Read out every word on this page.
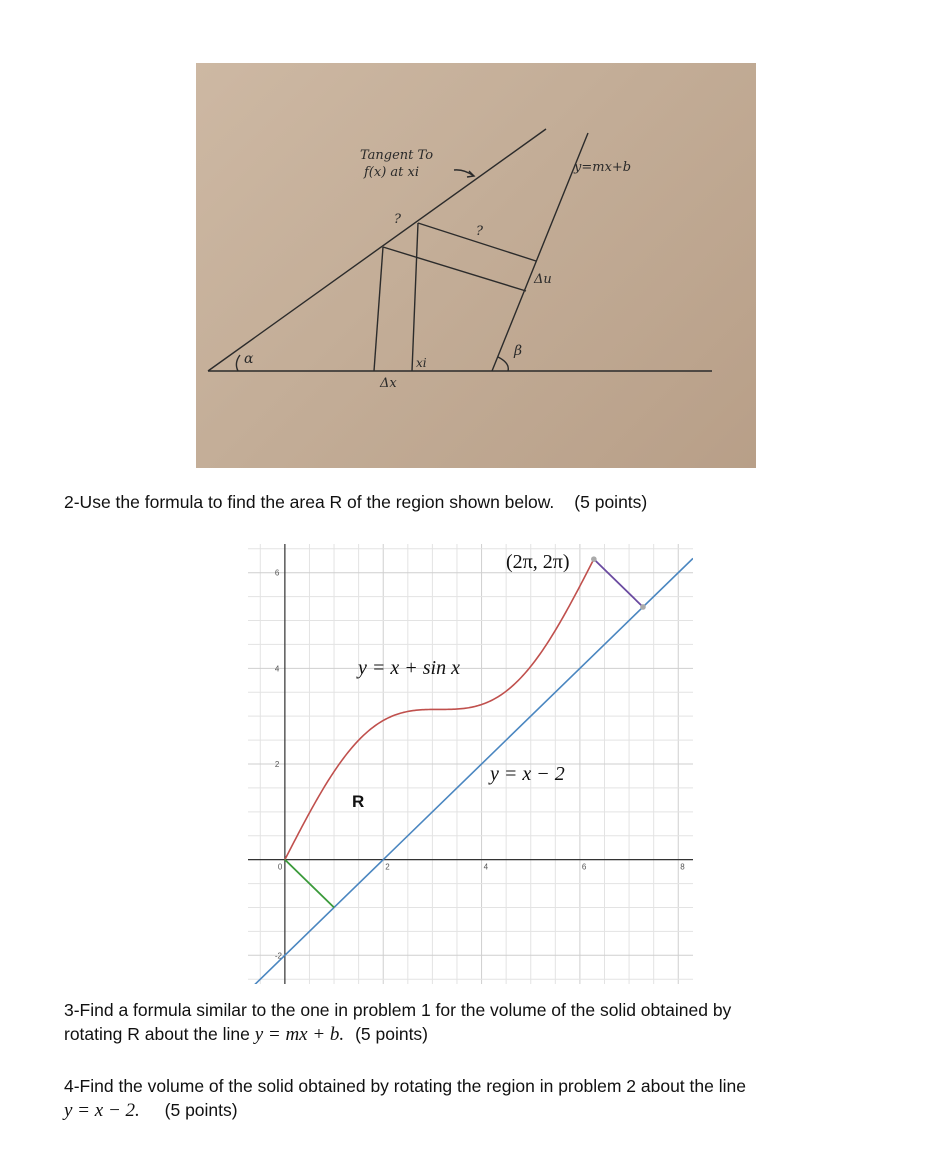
Tangent To
f(x) at xi	y=mx+b
?
?
Δu
α	β
xi
Δx
2-Use the formula to find the area R of the region shown below. (5 points)
0	2	4	6	8
6
4
2
-2
(2π, 2π)
y = x + sin x
y = x − 2
R
3-Find a formula similar to the one in problem 1 for the volume of the solid obtained by
rotating R about the line y = mx + b. (5 points)
4-Find the volume of the solid obtained by rotating the region in problem 2 about the line
y = x − 2. (5 points)
